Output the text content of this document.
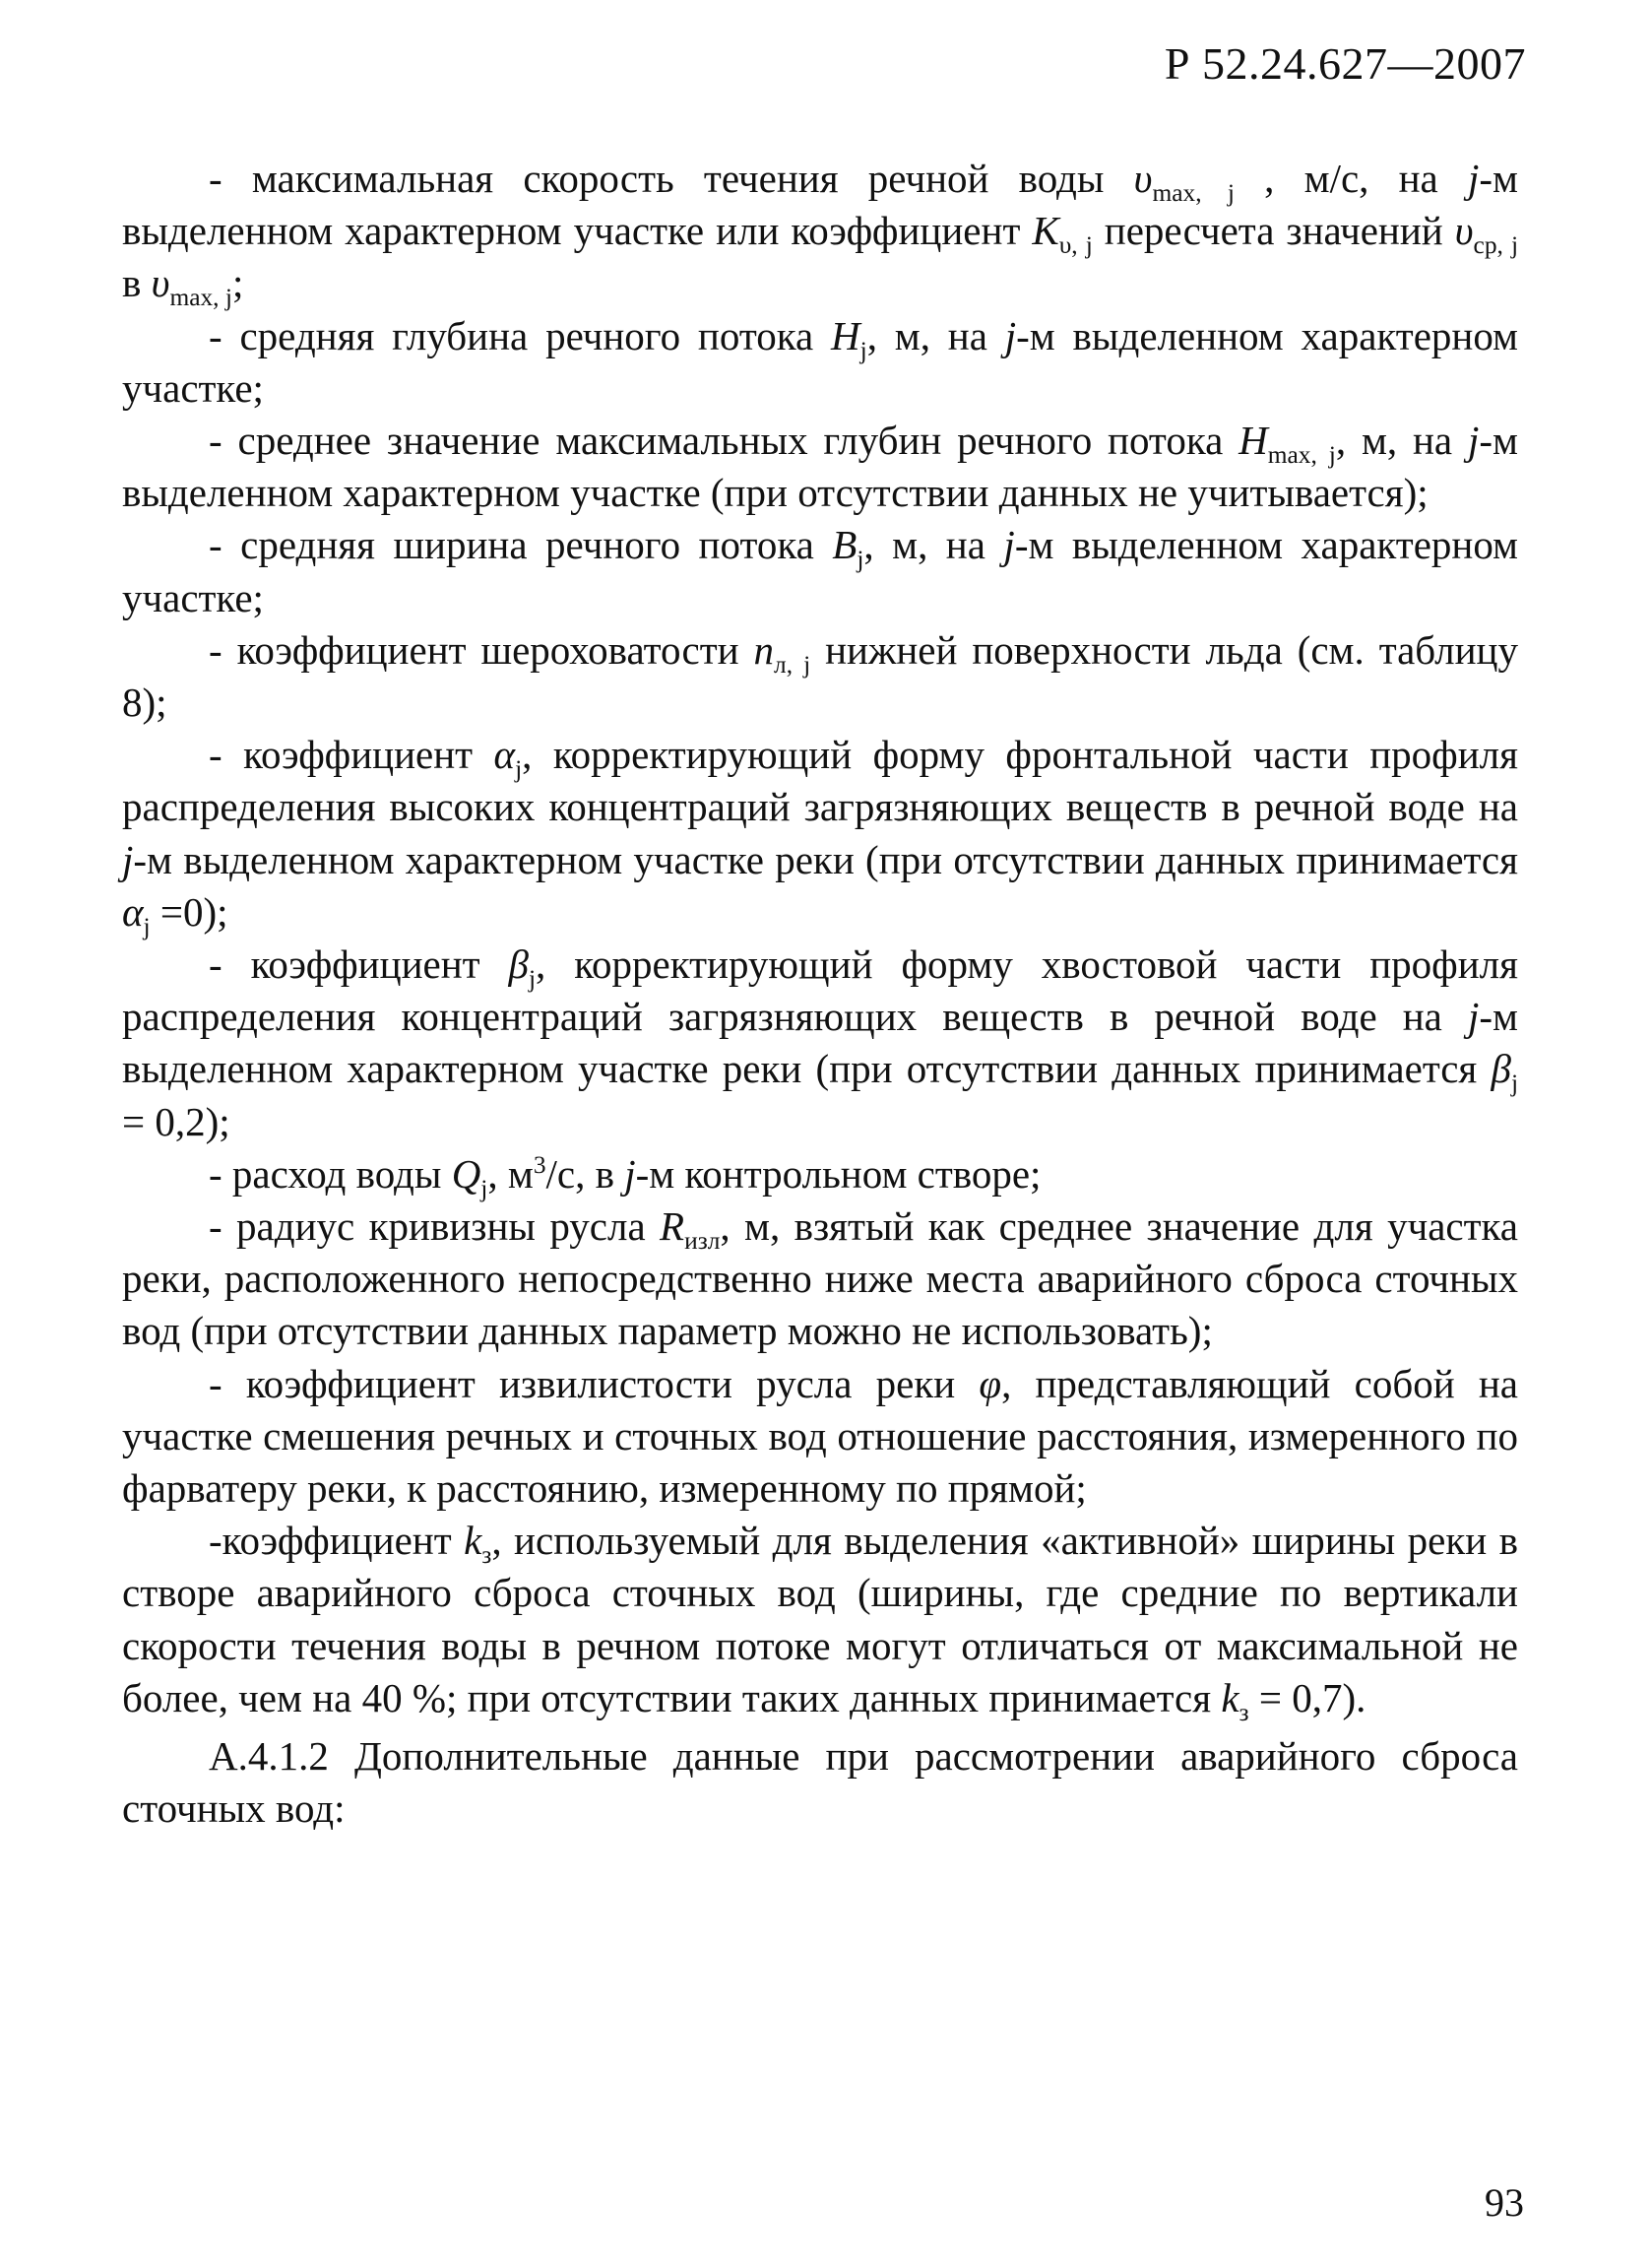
Р 52.24.627—2007

- максимальная скорость течения речной воды $\upsilon_{max, j}$ , м/с, на j-м выделенном характерном участке или коэффициент $K_{\upsilon, j}$ пересчета значений $\upsilon_{cp, j}$ в $\upsilon_{max, j}$;

- средняя глубина речного потока $H_j$, м, на j-м выделенном характерном участке;

- среднее значение максимальных глубин речного потока $H_{max, j}$, м, на j-м выделенном характерном участке (при отсутствии данных не учитывается);

- средняя ширина речного потока $B_j$, м, на j-м выделенном характерном участке;

- коэффициент шероховатости $n_{л, j}$ нижней поверхности льда (см. таблицу 8);

- коэффициент $\alpha_j$, корректирующий форму фронтальной части профиля распределения высоких концентраций загрязняющих веществ в речной воде на j-м выделенном характерном участке реки (при отсутствии данных принимается $\alpha_j =0$);

- коэффициент $\beta_j$, корректирующий форму хвостовой части профиля распределения концентраций загрязняющих веществ в речной воде на j-м выделенном характерном участке реки (при отсутствии данных принимается $\beta_j = 0,2$);

- расход воды $Q_j$, $м^3/с$, в j-м контрольном створе;

- радиус кривизны русла $R_{изл}$, м, взятый как среднее значение для участка реки, расположенного непосредственно ниже места аварийного сброса сточных вод (при отсутствии данных параметр можно не использовать);

- коэффициент извилистости русла реки φ, представляющий собой на участке смешения речных и сточных вод отношение расстояния, измеренного по фарватеру реки, к расстоянию, измеренному по прямой;

-коэффициент $k_з$, используемый для выделения «активной» ширины реки в створе аварийного сброса сточных вод (ширины, где средние по вертикали скорости течения воды в речном потоке могут отличаться от максимальной не более, чем на 40 %; при отсутствии таких данных принимается $k_з = 0,7$).

А.4.1.2 Дополнительные данные при рассмотрении аварийного сброса сточных вод:

93
